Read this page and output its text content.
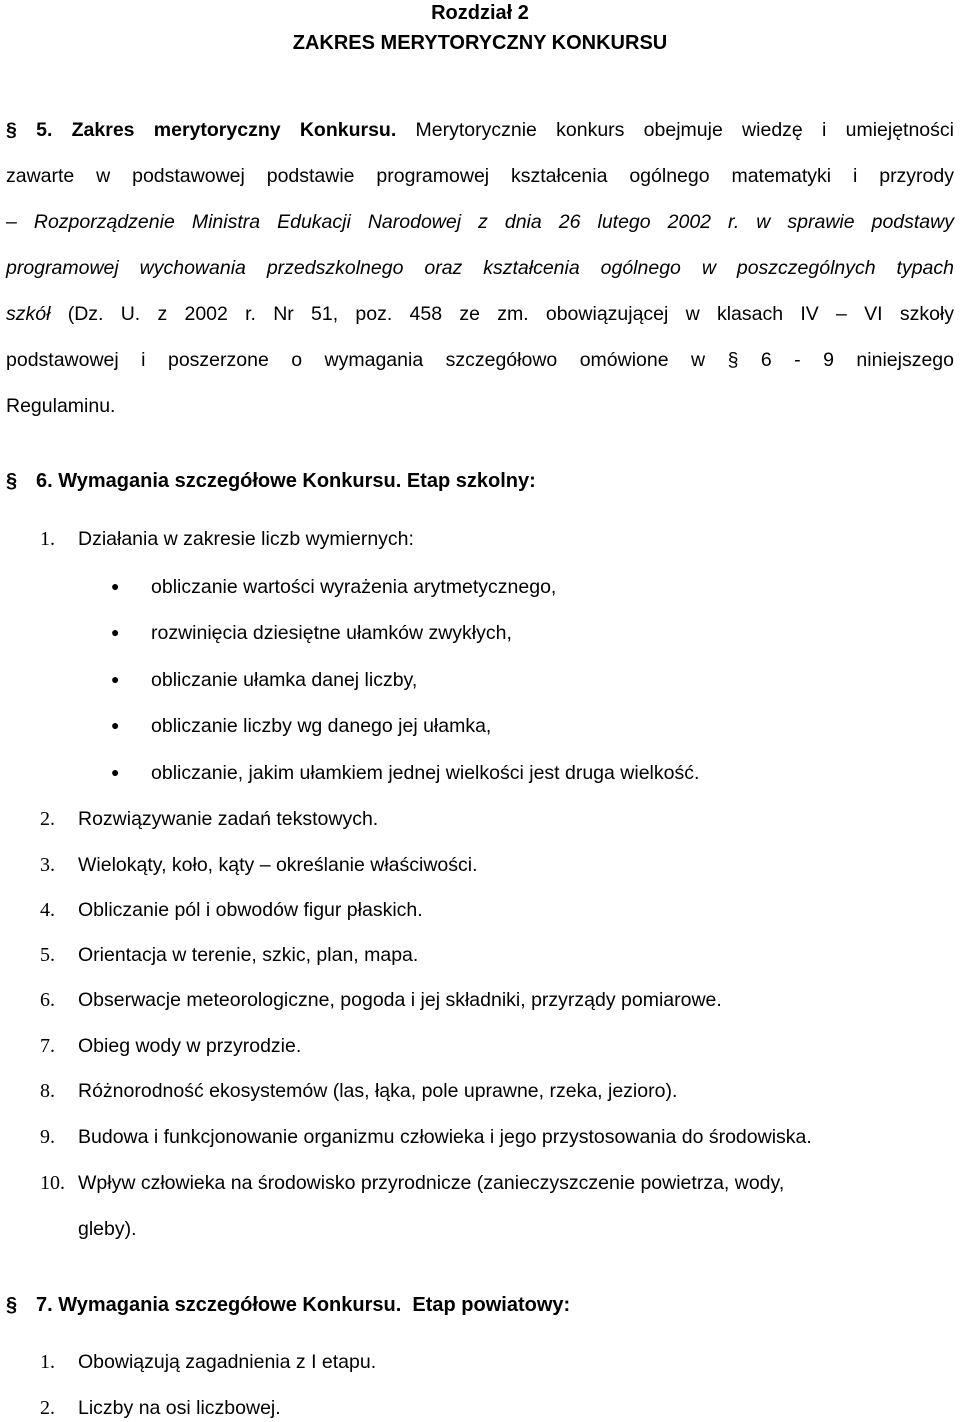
Rozdział 2
ZAKRES MERYTORYCZNY KONKURSU
§ 5. Zakres merytoryczny Konkursu. Merytorycznie konkurs obejmuje wiedzę i umiejętności
zawarte w podstawowej podstawie programowej kształcenia ogólnego matematyki i przyrody
– Rozporządzenie Ministra Edukacji Narodowej z dnia 26 lutego 2002 r. w sprawie podstawy
programowej wychowania przedszkolnego oraz kształcenia ogólnego w poszczególnych typach
szkół (Dz. U. z 2002 r. Nr 51, poz. 458 ze zm. obowiązującej w klasach IV – VI szkoły
podstawowej i poszerzone o wymagania szczegółowo omówione w § 6 - 9 niniejszego
Regulaminu.
§ 6. Wymagania szczegółowe Konkursu. Etap szkolny:
1. Działania w zakresie liczb wymiernych:
● obliczanie wartości wyrażenia arytmetycznego,
● rozwinięcia dziesiętne ułamków zwykłych,
● obliczanie ułamka danej liczby,
● obliczanie liczby wg danego jej ułamka,
● obliczanie, jakim ułamkiem jednej wielkości jest druga wielkość.
2. Rozwiązywanie zadań tekstowych.
3. Wielokąty, koło, kąty – określanie właściwości.
4. Obliczanie pól i obwodów figur płaskich.
5. Orientacja w terenie, szkic, plan, mapa.
6. Obserwacje meteorologiczne, pogoda i jej składniki, przyrządy pomiarowe.
7. Obieg wody w przyrodzie.
8. Różnorodność ekosystemów (las, łąka, pole uprawne, rzeka, jezioro).
9. Budowa i funkcjonowanie organizmu człowieka i jego przystosowania do środowiska.
10. Wpływ człowieka na środowisko przyrodnicze (zanieczyszczenie powietrza, wody,
gleby).
§ 7. Wymagania szczegółowe Konkursu.  Etap powiatowy:
1. Obowiązują zagadnienia z I etapu.
2. Liczby na osi liczbowej.
